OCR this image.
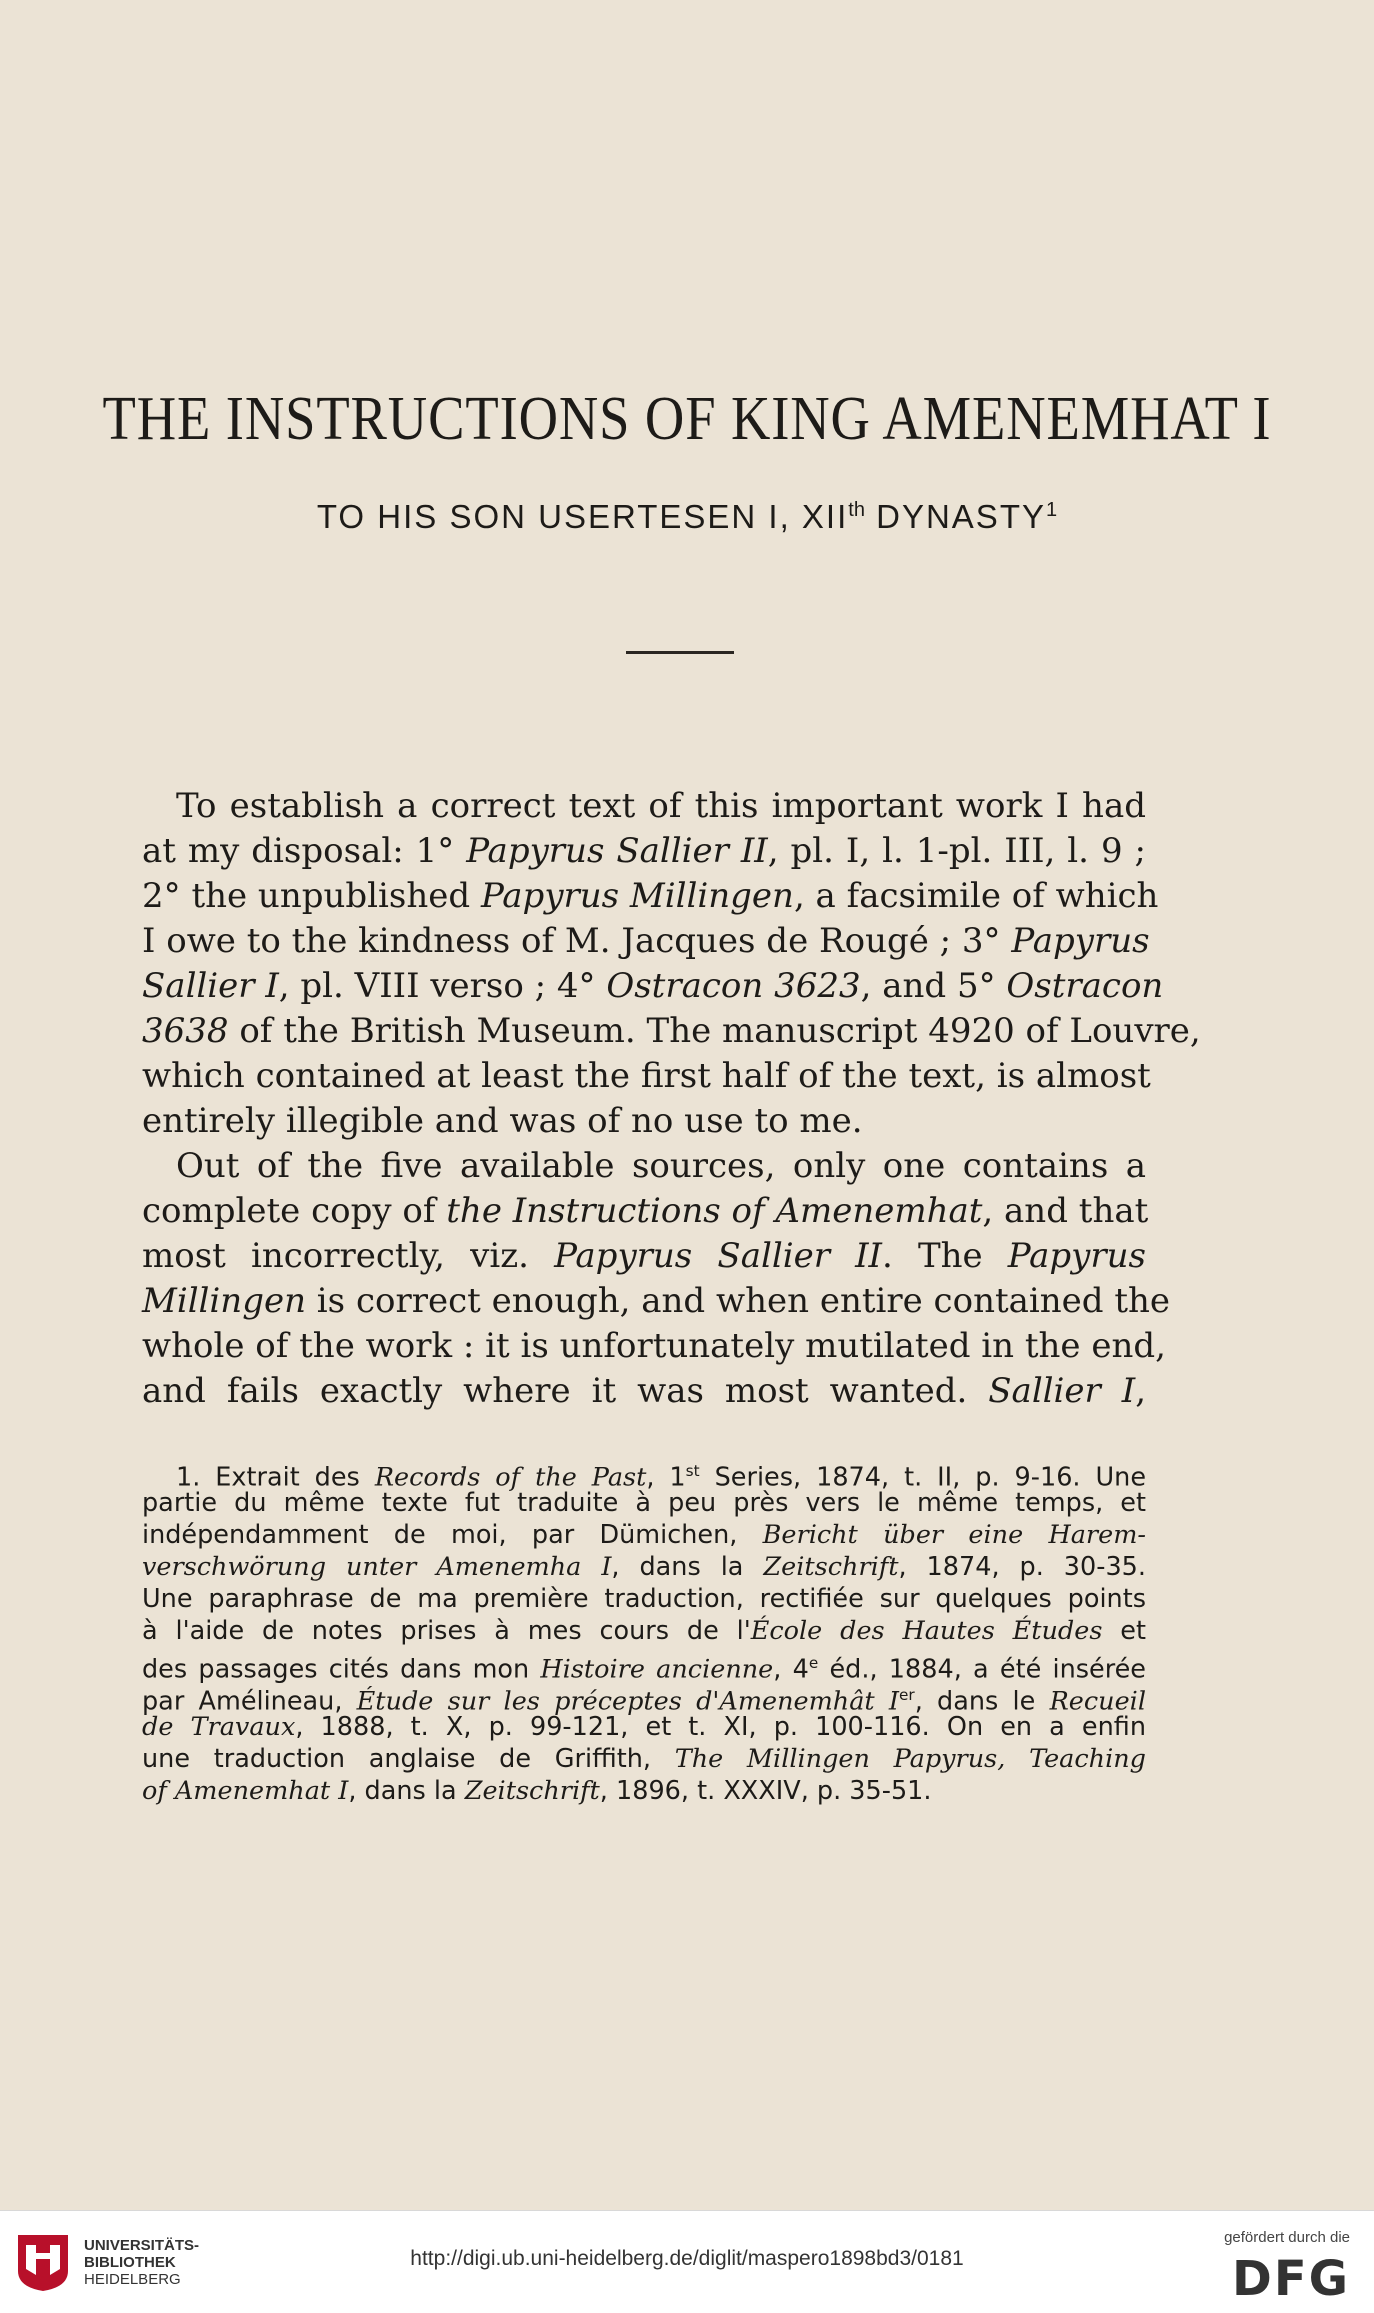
THE INSTRUCTIONS OF KING AMENEMHAT I
TO HIS SON USERTESEN I, XIIth DYNASTY$^1$
To establish a correct text of this important work I had
at my disposal: 1° Papyrus Sallier II, pl. I, l. 1-pl. III, l. 9 ;
2° the unpublished Papyrus Millingen, a facsimile of which
I owe to the kindness of M. Jacques de Rougé ; 3° Papyrus
Sallier I, pl. VIII verso ; 4° Ostracon 3623, and 5° Ostracon
3638 of the British Museum. The manuscript 4920 of Louvre,
which contained at least the first half of the text, is almost
entirely illegible and was of no use to me.
Out of the five available sources, only one contains a
complete copy of the Instructions of Amenemhat, and that
most incorrectly, viz. Papyrus Sallier II. The Papyrus
Millingen is correct enough, and when entire contained the
whole of the work : it is unfortunately mutilated in the end,
and fails exactly where it was most wanted. Sallier I,
1. Extrait des Records of the Past, 1st Series, 1874, t. II, p. 9-16. Une
partie du même texte fut traduite à peu près vers le même temps, et
indépendamment de moi, par Dümichen, Bericht über eine Harem-
verschwörung unter Amenemha I, dans la Zeitschrift, 1874, p. 30-35.
Une paraphrase de ma première traduction, rectifiée sur quelques points
à l'aide de notes prises à mes cours de l'École des Hautes Études et
des passages cités dans mon Histoire ancienne, 4e éd., 1884, a été insérée
par Amélineau, Étude sur les préceptes d'Amenemhât Ier, dans le Recueil
de Travaux, 1888, t. X, p. 99-121, et t. XI, p. 100-116. On en a enfin
une traduction anglaise de Griffith, The Millingen Papyrus, Teaching
of Amenemhat I, dans la Zeitschrift, 1896, t. XXXIV, p. 35-51.
UNIVERSITÄTS-
BIBLIOTHEK
HEIDELBERG
http://digi.ub.uni-heidelberg.de/diglit/maspero1898bd3/0181
gefördert durch die
DFG
